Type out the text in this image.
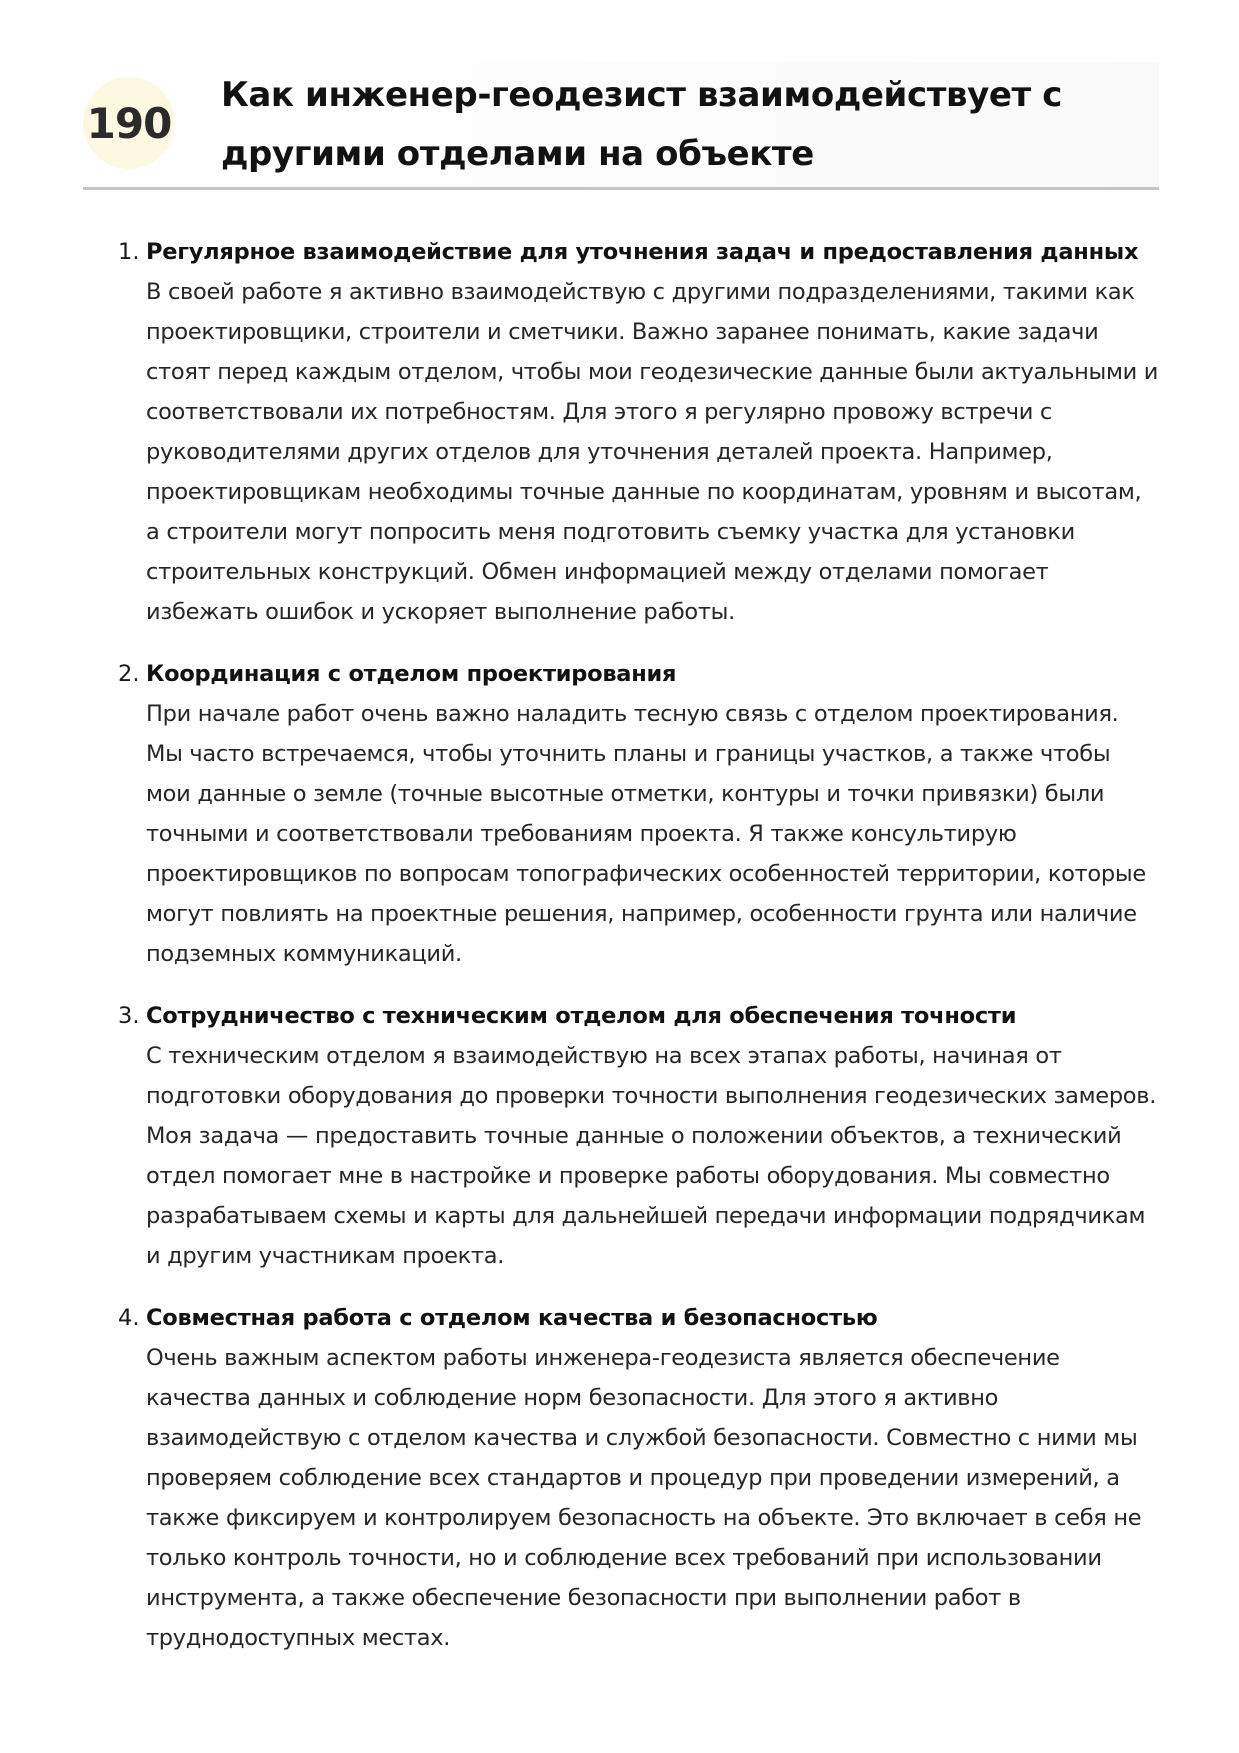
190
Как инженер-геодезист взаимодействует с другими отделами на объекте
1. Регулярное взаимодействие для уточнения задач и предоставления данных
В своей работе я активно взаимодействую с другими подразделениями, такими как проектировщики, строители и сметчики. Важно заранее понимать, какие задачи стоят перед каждым отделом, чтобы мои геодезические данные были актуальными и соответствовали их потребностям. Для этого я регулярно провожу встречи с руководителями других отделов для уточнения деталей проекта. Например, проектировщикам необходимы точные данные по координатам, уровням и высотам, а строители могут попросить меня подготовить съемку участка для установки строительных конструкций. Обмен информацией между отделами помогает избежать ошибок и ускоряет выполнение работы.
2. Координация с отделом проектирования
При начале работ очень важно наладить тесную связь с отделом проектирования. Мы часто встречаемся, чтобы уточнить планы и границы участков, а также чтобы мои данные о земле (точные высотные отметки, контуры и точки привязки) были точными и соответствовали требованиям проекта. Я также консультирую проектировщиков по вопросам топографических особенностей территории, которые могут повлиять на проектные решения, например, особенности грунта или наличие подземных коммуникаций.
3. Сотрудничество с техническим отделом для обеспечения точности
С техническим отделом я взаимодействую на всех этапах работы, начиная от подготовки оборудования до проверки точности выполнения геодезических замеров. Моя задача — предоставить точные данные о положении объектов, а технический отдел помогает мне в настройке и проверке работы оборудования. Мы совместно разрабатываем схемы и карты для дальнейшей передачи информации подрядчикам и другим участникам проекта.
4. Совместная работа с отделом качества и безопасностью
Очень важным аспектом работы инженера-геодезиста является обеспечение качества данных и соблюдение норм безопасности. Для этого я активно взаимодействую с отделом качества и службой безопасности. Совместно с ними мы проверяем соблюдение всех стандартов и процедур при проведении измерений, а также фиксируем и контролируем безопасность на объекте. Это включает в себя не только контроль точности, но и соблюдение всех требований при использовании инструмента, а также обеспечение безопасности при выполнении работ в труднодоступных местах.
